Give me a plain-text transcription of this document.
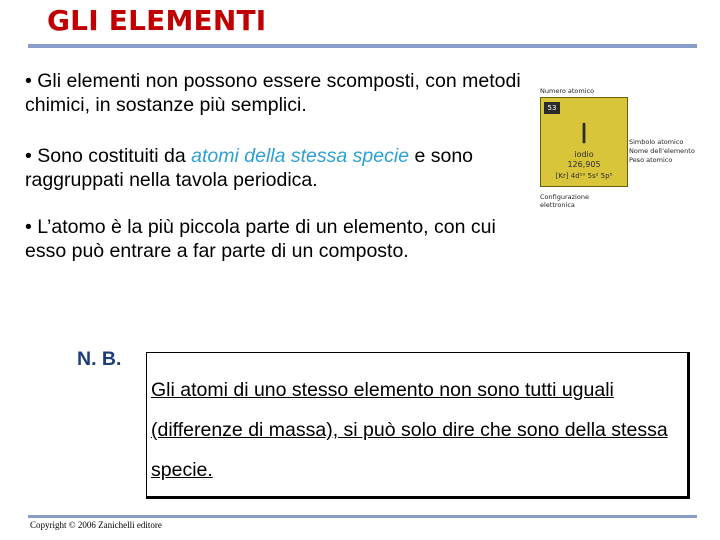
GLI ELEMENTI
• Gli elementi non possono essere scomposti, con metodi chimici, in sostanze più semplici.
• Sono costituiti da atomi della stessa specie e sono raggruppati nella tavola periodica.
• L’atomo è la più piccola parte di un elemento, con cui esso può entrare a far parte di un composto.
Numero atomico
53
I
iodio
126,905
[Kr] 4d¹⁰ 5s² 5p⁵
Simbolo atomico
Nome dell’elemento
Peso atomico
Configurazione elettronica
N. B.
Gli atomi di uno stesso elemento non sono tutti uguali (differenze di massa), si può solo dire che sono della stessa specie.
Copyright © 2006 Zanichelli editore
